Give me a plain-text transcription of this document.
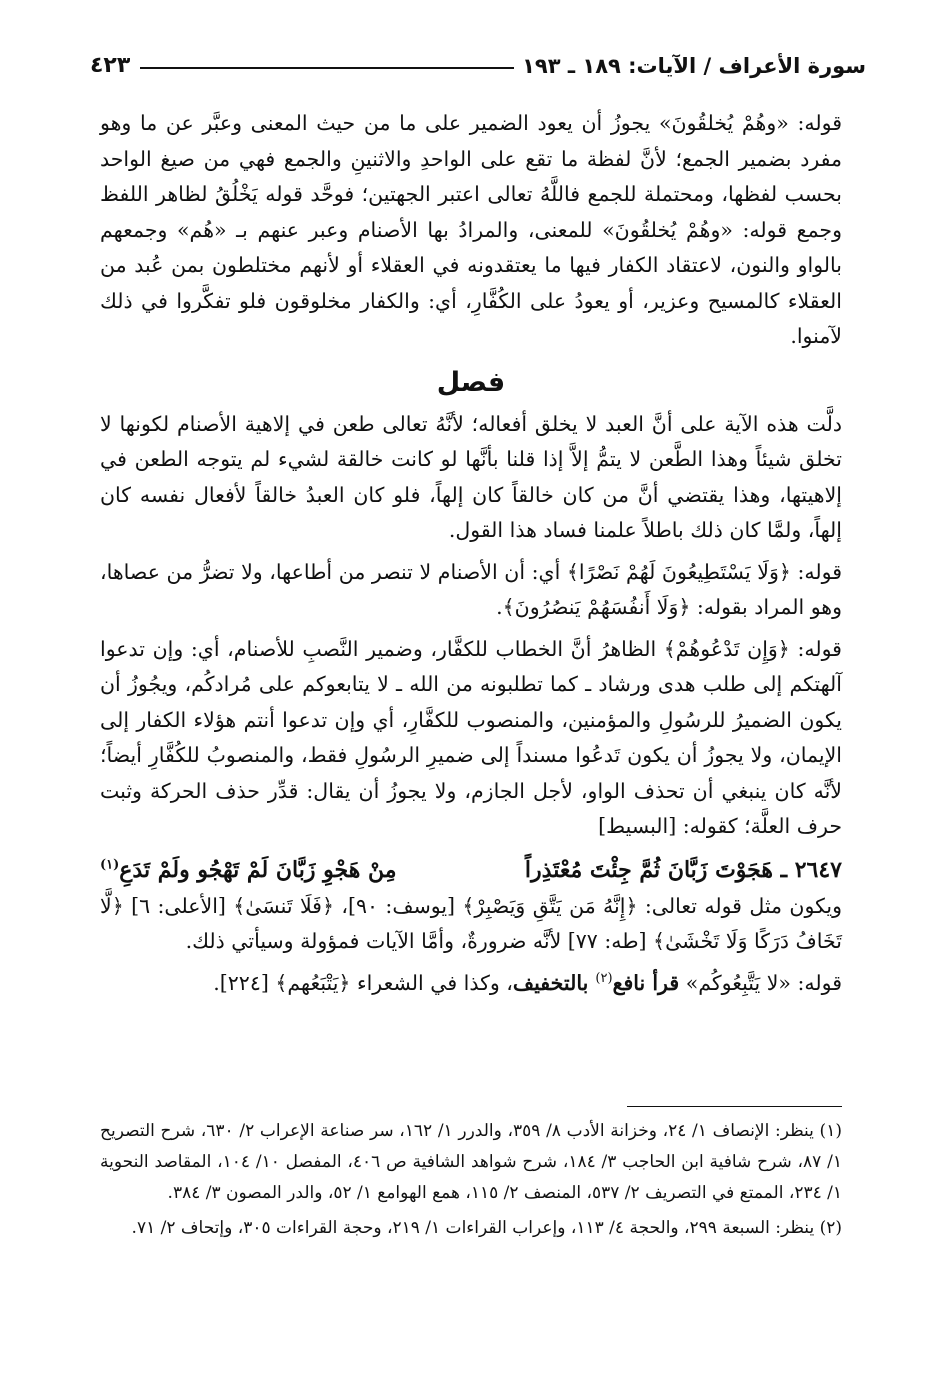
سورة الأعراف / الآيات: ١٨٩ ـ ١٩٣
٤٢٣

قوله: «وهُمْ يُخلقُونَ» يجوزُ أن يعود الضمير على ما من حيث المعنى وعبَّر عن ما وهو مفرد بضمير الجمع؛ لأنَّ لفظة ما تقع على الواحدِ والاثنينِ والجمع فهي من صيغ الواحد بحسب لفظها، ومحتملة للجمع فاللَّهُ تعالى اعتبر الجهتين؛ فوحَّد قوله يَخْلُقُ لظاهر اللفظ وجمع قوله: «وهُمْ يُخلقُونَ» للمعنى، والمرادُ بها الأصنام وعبر عنهم بـ «هُم» وجمعهم بالواو والنون، لاعتقاد الكفار فيها ما يعتقدونه في العقلاء أو لأنهم مختلطون بمن عُبد من العقلاء كالمسيح وعزير، أو يعودُ على الكُفَّارِ، أي: والكفار مخلوقون فلو تفكَّروا في ذلك لآمنوا.

فصل

دلَّت هذه الآية على أنَّ العبد لا يخلق أفعاله؛ لأنَّهُ تعالى طعن في إلاهية الأصنام لكونها لا تخلق شيئاً وهذا الطَّعن لا يتمُّ إلاَّ إذا قلنا بأنَّها لو كانت خالقة لشيء لم يتوجه الطعن في إلاهيتها، وهذا يقتضي أنَّ من كان خالقاً كان إلهاً، فلو كان العبدُ خالقاً لأفعال نفسه كان إلهاً، ولمَّا كان ذلك باطلاً علمنا فساد هذا القول.

قوله: ﴿وَلَا يَسْتَطِيعُونَ لَهُمْ نَصْرًا﴾ أي: أن الأصنام لا تنصر من أطاعها، ولا تضرُّ من عصاها، وهو المراد بقوله: ﴿وَلَا أَنفُسَهُمْ يَنصُرُونَ﴾.

قوله: ﴿وَإِن تَدْعُوهُمْ﴾ الظاهرُ أنَّ الخطاب للكفَّار، وضمير النَّصبِ للأصنام، أي: وإن تدعوا آلهتكم إلى طلب هدى ورشاد ـ كما تطلبونه من الله ـ لا يتابعوكم على مُرادكُم، ويجُوزُ أن يكون الضميرُ للرسُولِ والمؤمنين، والمنصوب للكفَّارِ، أي وإن تدعوا أنتم هؤلاء الكفار إلى الإيمان، ولا يجوزُ أن يكون تَدعُوا مسنداً إلى ضميرِ الرسُولِ فقط، والمنصوبُ للكُفَّارِ أيضاً؛ لأنَّه كان ينبغي أن تحذف الواو، لأجل الجازم، ولا يجوزُ أن يقال: قدِّر حذف الحركة وثبت حرف العلَّة؛ كقوله: [البسيط]

٢٦٤٧ ـ هَجَوْتَ زَبَّانَ ثُمَّ جِئْتَ مُعْتَذِراً
مِنْ هَجْوِ زَبَّانَ لَمْ تَهْجُو ولَمْ تَدَعِ$^{(١)}$

ويكون مثل قوله تعالى: ﴿إِنَّهُ مَن يَتَّقِ وَيَصْبِرْ﴾ [يوسف: ٩٠]، ﴿فَلَا تَنسَىٰ﴾ [الأعلى: ٦] ﴿لَّا تَخَافُ دَرَكًا وَلَا تَخْشَىٰ﴾ [طه: ٧٧] لأنَّه ضرورةٌ، وأمَّا الآيات فمؤولة وسيأتي ذلك.

قوله: «لا يَتَّبِعُوكُم» قرأ نافع$^{(٢)}$ بالتخفيف، وكذا في الشعراء ﴿يَتْبَعُهم﴾ [٢٢٤].

(١) ينظر: الإنصاف ١/ ٢٤، وخزانة الأدب ٨/ ٣٥٩، والدرر ١/ ١٦٢، سر صناعة الإعراب ٢/ ٦٣٠، شرح التصريح ١/ ٨٧، شرح شافية ابن الحاجب ٣/ ١٨٤، شرح شواهد الشافية ص ٤٠٦، المفصل ١٠/ ١٠٤، المقاصد النحوية ١/ ٢٣٤، الممتع في التصريف ٢/ ٥٣٧، المنصف ٢/ ١١٥، همع الهوامع ١/ ٥٢، والدر المصون ٣/ ٣٨٤.

(٢) ينظر: السبعة ٢٩٩، والحجة ٤/ ١١٣، وإعراب القراءات ١/ ٢١٩، وحجة القراءات ٣٠٥، وإتحاف ٢/ ٧١.
